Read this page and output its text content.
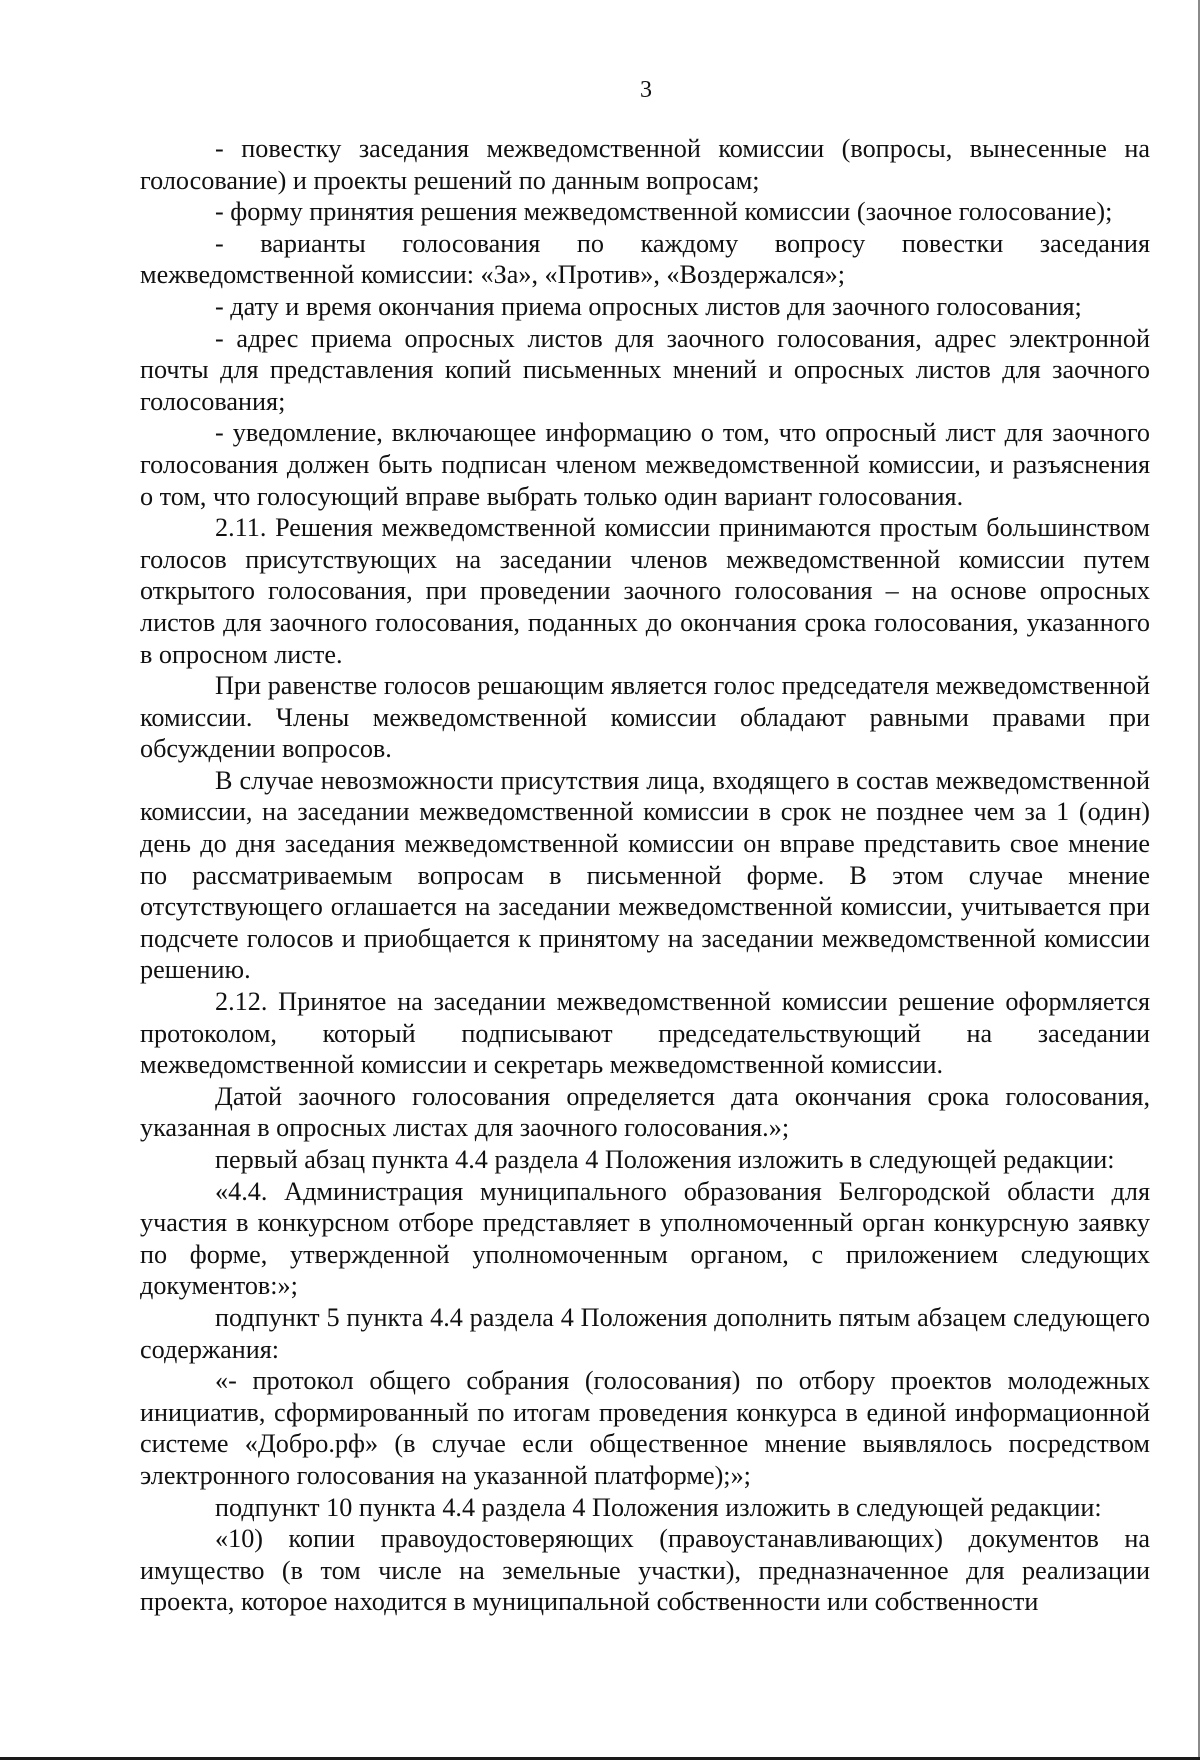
3

- повестку заседания межведомственной комиссии (вопросы, вынесенные на голосование) и проекты решений по данным вопросам;

- форму принятия решения межведомственной комиссии (заочное голосование);

- варианты голосования по каждому вопросу повестки заседания межведомственной комиссии: «За», «Против», «Воздержался»;

- дату и время окончания приема опросных листов для заочного голосования;

- адрес приема опросных листов для заочного голосования, адрес электронной почты для представления копий письменных мнений и опросных листов для заочного голосования;

- уведомление, включающее информацию о том, что опросный лист для заочного голосования должен быть подписан членом межведомственной комиссии, и разъяснения о том, что голосующий вправе выбрать только один вариант голосования.

2.11. Решения межведомственной комиссии принимаются простым большинством голосов присутствующих на заседании членов межведомственной комиссии путем открытого голосования, при проведении заочного голосования – на основе опросных листов для заочного голосования, поданных до окончания срока голосования, указанного в опросном листе.

При равенстве голосов решающим является голос председателя межведомственной комиссии. Члены межведомственной комиссии обладают равными правами при обсуждении вопросов.

В случае невозможности присутствия лица, входящего в состав межведомственной комиссии, на заседании межведомственной комиссии в срок не позднее чем за 1 (один) день до дня заседания межведомственной комиссии он вправе представить свое мнение по рассматриваемым вопросам в письменной форме. В этом случае мнение отсутствующего оглашается на заседании межведомственной комиссии, учитывается при подсчете голосов и приобщается к принятому на заседании межведомственной комиссии решению.

2.12. Принятое на заседании межведомственной комиссии решение оформляется протоколом, который подписывают председательствующий на заседании межведомственной комиссии и секретарь межведомственной комиссии.

Датой заочного голосования определяется дата окончания срока голосования, указанная в опросных листах для заочного голосования.»;

первый абзац пункта 4.4 раздела 4 Положения изложить в следующей редакции:

«4.4. Администрация муниципального образования Белгородской области для участия в конкурсном отборе представляет в уполномоченный орган конкурсную заявку по форме, утвержденной уполномоченным органом, с приложением следующих документов:»;

подпункт 5 пункта 4.4 раздела 4 Положения дополнить пятым абзацем следующего содержания:

«- протокол общего собрания (голосования) по отбору проектов молодежных инициатив, сформированный по итогам проведения конкурса в единой информационной системе «Добро.рф» (в случае если общественное мнение выявлялось посредством электронного голосования на указанной платформе);»;

подпункт 10 пункта 4.4 раздела 4 Положения изложить в следующей редакции:

«10) копии правоудостоверяющих (правоустанавливающих) документов на имущество (в том числе на земельные участки), предназначенное для реализации проекта, которое находится в муниципальной собственности или собственности
